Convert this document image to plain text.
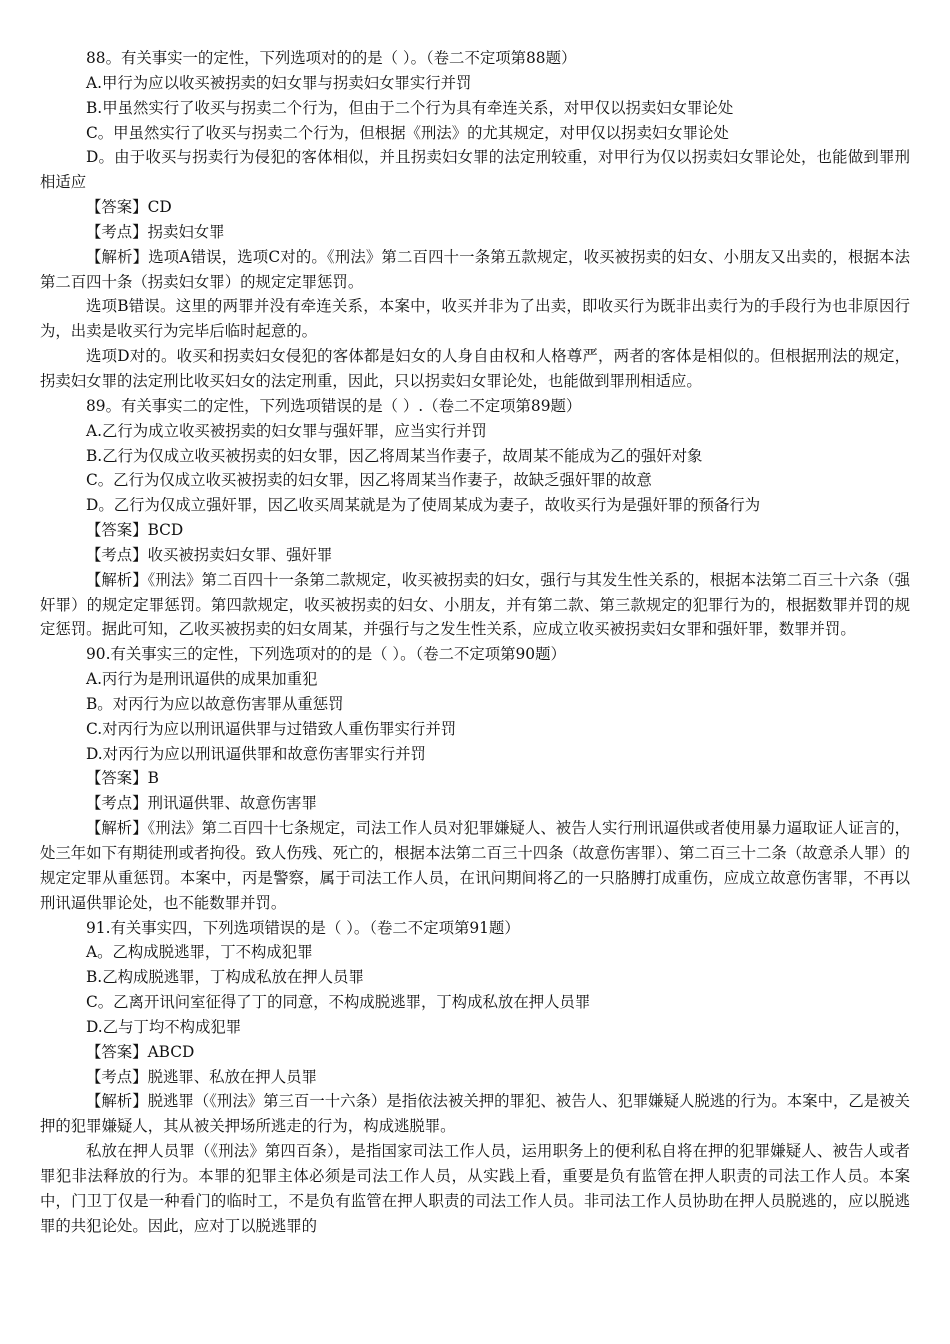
88。有关事实一的定性，下列选项对的的是（ ）。（卷二不定项第88题）

A.甲行为应以收买被拐卖的妇女罪与拐卖妇女罪实行并罚

B.甲虽然实行了收买与拐卖二个行为，但由于二个行为具有牵连关系，对甲仅以拐卖妇女罪论处

C。甲虽然实行了收买与拐卖二个行为，但根据《刑法》的尤其规定，对甲仅以拐卖妇女罪论处

D。由于收买与拐卖行为侵犯的客体相似，并且拐卖妇女罪的法定刑较重，对甲行为仅以拐卖妇女罪论处，也能做到罪刑相适应

【答案】CD

【考点】拐卖妇女罪

【解析】选项A错误，选项C对的。《刑法》第二百四十一条第五款规定，收买被拐卖的妇女、小朋友又出卖的，根据本法第二百四十条（拐卖妇女罪）的规定定罪惩罚。

选项B错误。这里的两罪并没有牵连关系，本案中，收买并非为了出卖，即收买行为既非出卖行为的手段行为也非原因行为，出卖是收买行为完毕后临时起意的。

选项D对的。收买和拐卖妇女侵犯的客体都是妇女的人身自由权和人格尊严，两者的客体是相似的。但根据刑法的规定，拐卖妇女罪的法定刑比收买妇女的法定刑重，因此，只以拐卖妇女罪论处，也能做到罪刑相适应。

89。有关事实二的定性，下列选项错误的是（ ）.（卷二不定项第89题）

A.乙行为成立收买被拐卖的妇女罪与强奸罪，应当实行并罚

B.乙行为仅成立收买被拐卖的妇女罪，因乙将周某当作妻子，故周某不能成为乙的强奸对象

C。乙行为仅成立收买被拐卖的妇女罪，因乙将周某当作妻子，故缺乏强奸罪的故意

D。乙行为仅成立强奸罪，因乙收买周某就是为了使周某成为妻子，故收买行为是强奸罪的预备行为

【答案】BCD

【考点】收买被拐卖妇女罪、强奸罪

【解析】《刑法》第二百四十一条第二款规定，收买被拐卖的妇女，强行与其发生性关系的，根据本法第二百三十六条（强奸罪）的规定定罪惩罚。第四款规定，收买被拐卖的妇女、小朋友，并有第二款、第三款规定的犯罪行为的，根据数罪并罚的规定惩罚。据此可知，乙收买被拐卖的妇女周某，并强行与之发生性关系，应成立收买被拐卖妇女罪和强奸罪，数罪并罚。

90.有关事实三的定性，下列选项对的的是（ ）。（卷二不定项第90题）

A.丙行为是刑讯逼供的成果加重犯

B。对丙行为应以故意伤害罪从重惩罚

C.对丙行为应以刑讯逼供罪与过错致人重伤罪实行并罚

D.对丙行为应以刑讯逼供罪和故意伤害罪实行并罚

【答案】B

【考点】刑讯逼供罪、故意伤害罪

【解析】《刑法》第二百四十七条规定，司法工作人员对犯罪嫌疑人、被告人实行刑讯逼供或者使用暴力逼取证人证言的，处三年如下有期徒刑或者拘役。致人伤残、死亡的，根据本法第二百三十四条（故意伤害罪）、第二百三十二条（故意杀人罪）的规定定罪从重惩罚。本案中，丙是警察，属于司法工作人员，在讯问期间将乙的一只胳膊打成重伤，应成立故意伤害罪，不再以刑讯逼供罪论处，也不能数罪并罚。

91.有关事实四，下列选项错误的是（ ）。（卷二不定项第91题）

A。乙构成脱逃罪，丁不构成犯罪

B.乙构成脱逃罪，丁构成私放在押人员罪

C。乙离开讯问室征得了丁的同意，不构成脱逃罪，丁构成私放在押人员罪

D.乙与丁均不构成犯罪

【答案】ABCD

【考点】脱逃罪、私放在押人员罪

【解析】脱逃罪（《刑法》第三百一十六条）是指依法被关押的罪犯、被告人、犯罪嫌疑人脱逃的行为。本案中，乙是被关押的犯罪嫌疑人，其从被关押场所逃走的行为，构成逃脱罪。

私放在押人员罪（《刑法》第四百条），是指国家司法工作人员，运用职务上的便利私自将在押的犯罪嫌疑人、被告人或者罪犯非法释放的行为。本罪的犯罪主体必须是司法工作人员，从实践上看，重要是负有监管在押人职责的司法工作人员。本案中，门卫丁仅是一种看门的临时工，不是负有监管在押人职责的司法工作人员。非司法工作人员协助在押人员脱逃的，应以脱逃罪的共犯论处。因此，应对丁以脱逃罪的
